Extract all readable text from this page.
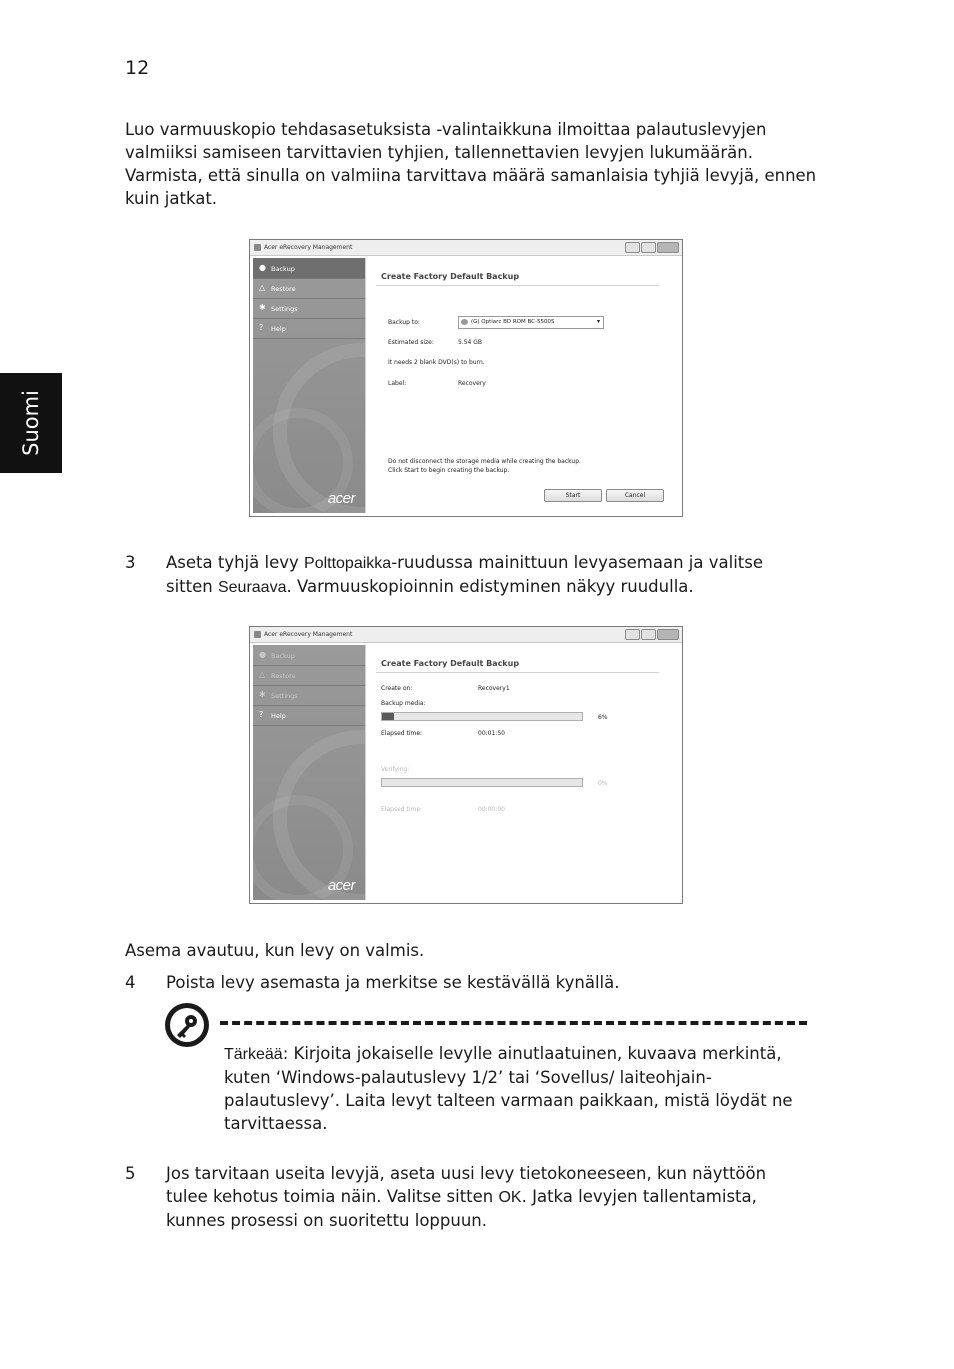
12
Suomi
Luo varmuuskopio tehdasasetuksista -valintaikkuna ilmoittaa palautuslevyjen valmiiksi samiseen tarvittavien tyhjien, tallennettavien levyjen lukumäärän. Varmista, että sinulla on valmiina tarvittava määrä samanlaisia tyhjiä levyjä, ennen kuin jatkat.
Acer eRecovery Management
● Backup
△ Restore
✱ Settings
? Help
acer
Create Factory Default Backup
Backup to:	(G) Optiarc BD ROM BC-5500S	▾
Estimated size:	5.54 GB
It needs 2 blank DVD(s) to burn.
Label:	Recovery
Do not disconnect the storage media while creating the backup.
Click Start to begin creating the backup.
Start	Cancel
3 Aseta tyhjä levy Polttopaikka-ruudussa mainittuun levyasemaan ja valitse sitten Seuraava. Varmuuskopioinnin edistyminen näkyy ruudulla.
Acer eRecovery Management
● Backup
△ Restore
✱ Settings
? Help
acer
Create Factory Default Backup
Create on:	Recovery1
Backup media:
6%
Elapsed time:	00:01:50
Verifying:
0%
Elapsed time:	00:00:00
Asema avautuu, kun levy on valmis.
4 Poista levy asemasta ja merkitse se kestävällä kynällä.
Tärkeää: Kirjoita jokaiselle levylle ainutlaatuinen, kuvaava merkintä, kuten ‘Windows-palautuslevy 1/2’ tai ‘Sovellus/ laiteohjain-palautuslevy’. Laita levyt talteen varmaan paikkaan, mistä löydät ne tarvittaessa.
5 Jos tarvitaan useita levyjä, aseta uusi levy tietokoneeseen, kun näyttöön tulee kehotus toimia näin. Valitse sitten OK. Jatka levyjen tallentamista, kunnes prosessi on suoritettu loppuun.
